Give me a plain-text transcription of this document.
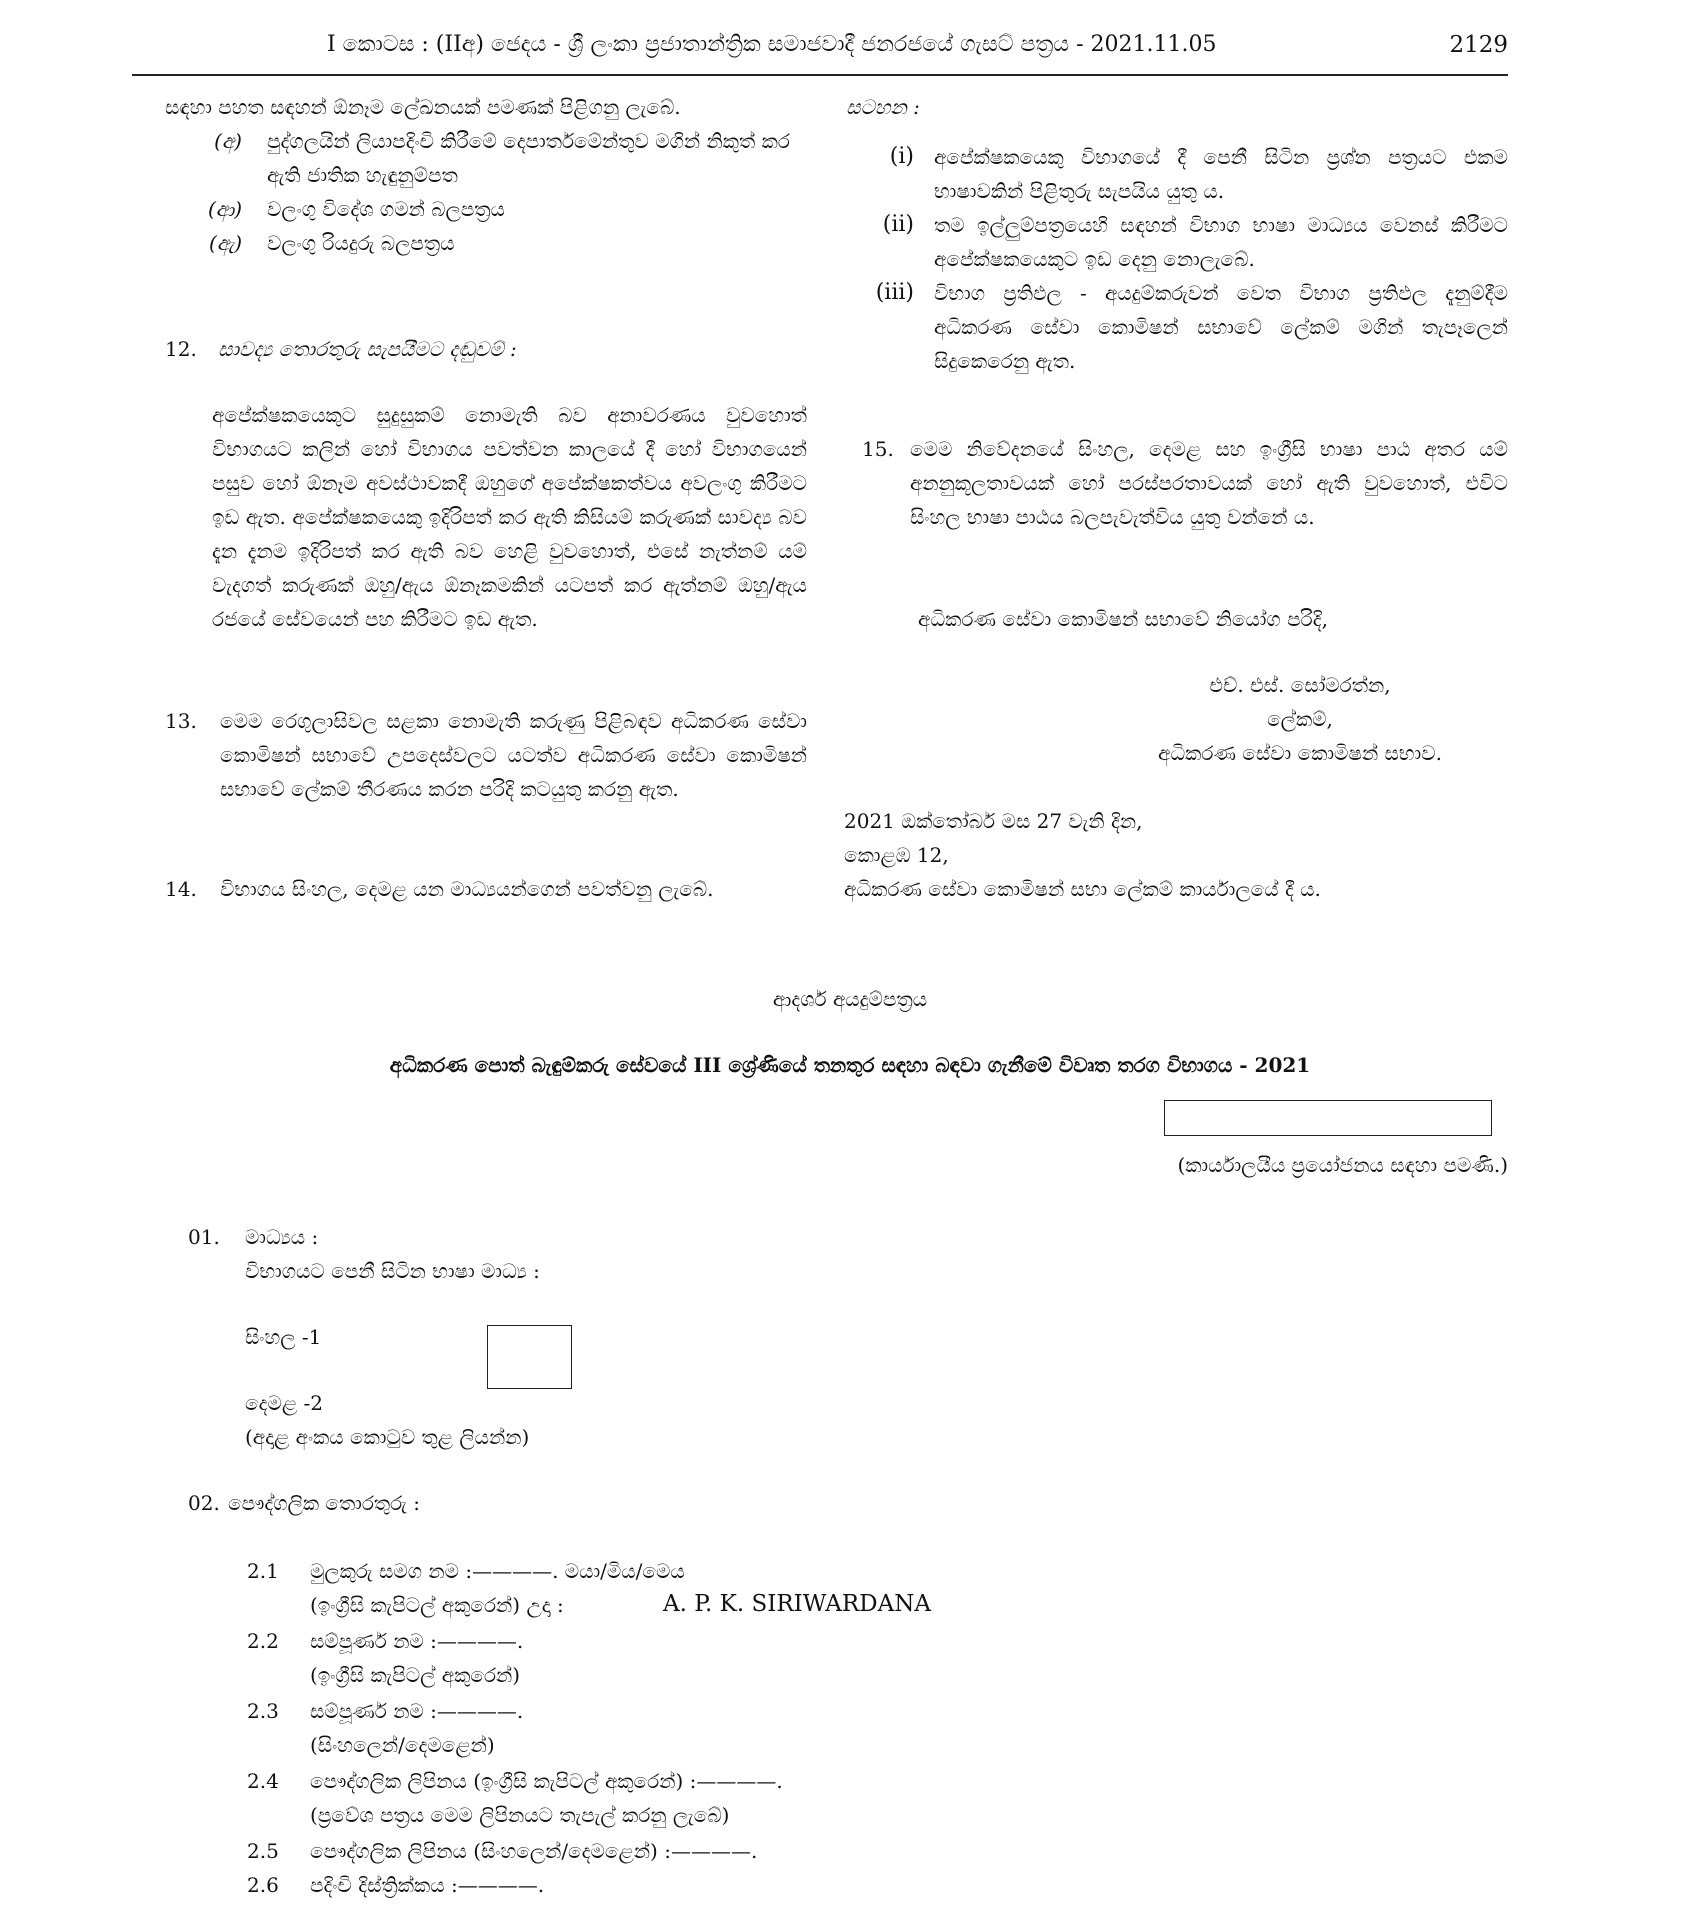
I කොටස : (IIඅ) ජෙදය - ශ්‍රී ලංකා ප්‍රජාතාන්ත්‍රික සමාජවාදී ජනරජයේ ගැසට් පත්‍රය - 2021.11.05	2129

සඳහා පහත සඳහන් ඕනෑම ලේඛනයක් පමණක් පිළිගනු ලැබේ.

(අ)	පුද්ගලයින් ලියාපදිංචි කිරීමේ දෙපාර්තමේන්තුව මගින් නිකුත් කර ඇති ජාතික හැඳුනුම්පත
(ආ)	වලංගු විදේශ ගමන් බලපත්‍රය
(ඇ)	වලංගු රියදුරු බලපත්‍රය
12. සාවද්‍ය තොරතුරු සැපයීමට දඬුවම් :

අපේක්ෂකයෙකුට සුදුසුකම් නොමැති බව අනාවරණය වුවහොත් විභාගයට කලින් හෝ විභාගය පවත්වන කාලයේ දී හෝ විභාගයෙන් පසුව හෝ ඕනෑම අවස්ථාවකදී ඔහුගේ අපේක්ෂකත්වය අවලංගු කිරීමට ඉඩ ඇත. අපේක්ෂකයෙකු ඉදිරිපත් කර ඇති කිසියම් කරුණක් සාවද්‍ය බව දැන දැනම ඉදිරිපත් කර ඇති බව හෙළි වුවහොත්, එසේ නැත්නම් යම් වැදගත් කරුණක් ඔහු/ඇය ඕනෑකමකින් යටපත් කර ඇත්නම් ඔහු/ඇය රජයේ සේවයෙන් පහ කිරීමට ඉඩ ඇත.

13. මෙම රෙගුලාසිවල සළකා නොමැති කරුණු පිළිබඳව අධිකරණ සේවා කොමිෂන් සභාවේ උපදෙස්වලට යටත්ව අධිකරණ සේවා කොමිෂන් සභාවේ ලේකම් තීරණය කරන පරිදි කටයුතු කරනු ඇත.

14. විභාගය සිංහල, දෙමළ යන මාධ්‍යයන්ගෙන් පවත්වනු ලැබේ.

සටහන :

(i)	අපේක්ෂකයෙකු විභාගයේ දී පෙනී සිටින ප්‍රශ්න පත්‍රයට එකම භාෂාවකින් පිළිතුරු සැපයිය යුතු ය.
(ii)	තම ඉල්ලුම්පත්‍රයෙහි සඳහන් විභාග භාෂා මාධ්‍යය වෙනස් කිරීමට අපේක්ෂකයෙකුට ඉඩ දෙනු නොලැබේ.
(iii)	විභාග ප්‍රතිඵල - අයදුම්කරුවන් වෙත විභාග ප්‍රතිඵල දැනුම්දීම අධිකරණ සේවා කොමිෂන් සභාවේ ලේකම් මගින් තැපෑලෙන් සිදුකෙරෙනු ඇත.
15. මෙම නිවේදනයේ සිංහල, දෙමළ සහ ඉංග්‍රීසි භාෂා පාඨ අතර යම් අනනුකූලතාවයක් හෝ පරස්පරතාවයක් හෝ ඇති වුවහොත්, එවිට සිංහල භාෂා පාඨය බලපැවැත්විය යුතු වන්නේ ය.

අධිකරණ සේවා කොමිෂන් සභාවේ නියෝග පරිදි,

එච්. එස්. සෝමරත්න,

ලේකම්,

අධිකරණ සේවා කොමිෂන් සභාව.

2021 ඔක්තෝබර් මස 27 වැනි දින,

කොළඹ 12,

අධිකරණ සේවා කොමිෂන් සභා ලේකම් කාර්යාලයේ දී ය.

ආදර්ශ අයදුම්පත්‍රය

අධිකරණ පොත් බැඳුම්කරු සේවයේ III ශ්‍රේණියේ තනතුර සඳහා බඳවා ගැනීමේ විවෘත තරග විභාගය - 2021

(කාර්යාලයීය ප්‍රයෝජනය සඳහා පමණි.)

01. මාධ්‍යය :
විභාගයට පෙනී සිටින භාෂා මාධ්‍ය :
සිංහල -1
දෙමළ -2
(අදාළ අංකය කොටුව තුළ ලියන්න)
02. පෞද්ගලික තොරතුරු :
2.1 මුලකුරු සමග නම :————. මයා/මිය/මෙය
(ඉංග්‍රීසි කැපිටල් අකුරෙන්) උදා :	A. P. K. SIRIWARDANA
2.2 සම්පූර්ණ නම :————.
(ඉංග්‍රීසි කැපිටල් අකුරෙන්)
2.3 සම්පූර්ණ නම :————.
(සිංහලෙන්/දෙමළෙන්)
2.4 පෞද්ගලික ලිපිනය (ඉංග්‍රීසි කැපිටල් අකුරෙන්) :————.
(ප්‍රවේශ පත්‍රය මෙම ලිපිනයට තැපැල් කරනු ලැබේ)
2.5 පෞද්ගලික ලිපිනය (සිංහලෙන්/දෙමළෙන්) :————.
2.6 පදිංචි දිස්ත්‍රික්කය :————.
